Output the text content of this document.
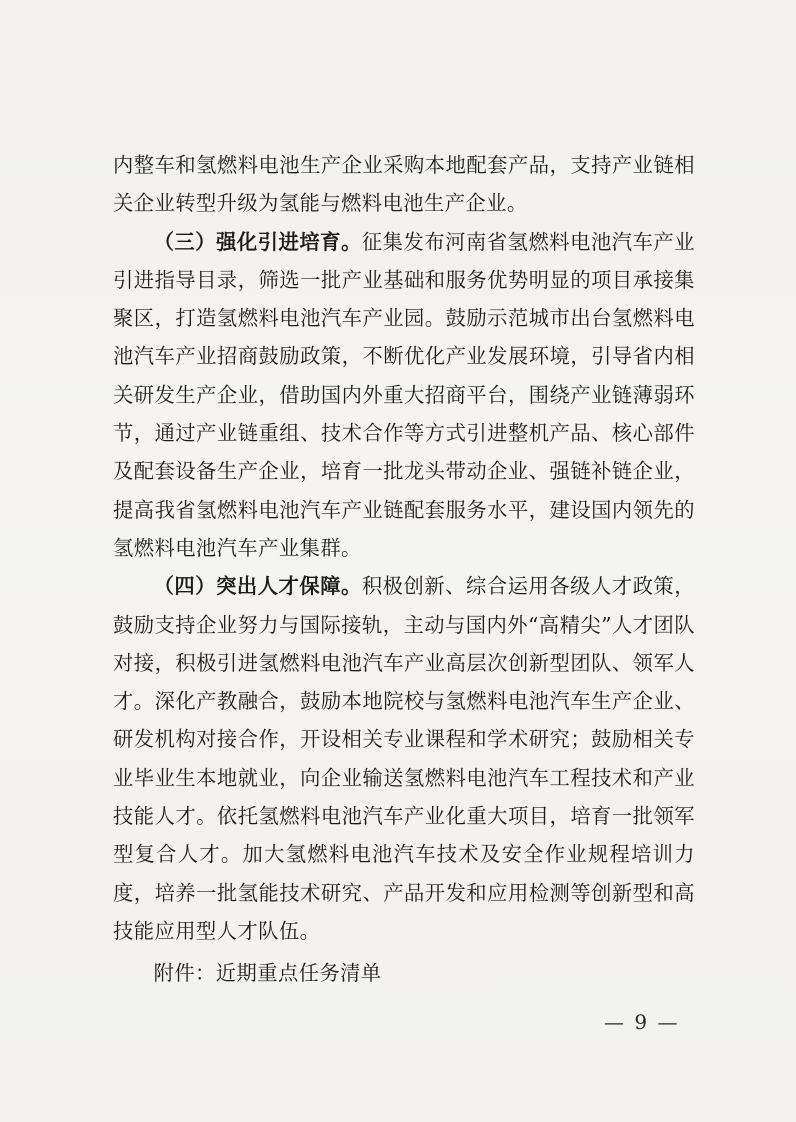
内整车和氢燃料电池生产企业采购本地配套产品，支持产业链相关企业转型升级为氢能与燃料电池生产企业。

（三）强化引进培育。征集发布河南省氢燃料电池汽车产业引进指导目录，筛选一批产业基础和服务优势明显的项目承接集聚区，打造氢燃料电池汽车产业园。鼓励示范城市出台氢燃料电池汽车产业招商鼓励政策，不断优化产业发展环境，引导省内相关研发生产企业，借助国内外重大招商平台，围绕产业链薄弱环节，通过产业链重组、技术合作等方式引进整机产品、核心部件及配套设备生产企业，培育一批龙头带动企业、强链补链企业，提高我省氢燃料电池汽车产业链配套服务水平，建设国内领先的氢燃料电池汽车产业集群。

（四）突出人才保障。积极创新、综合运用各级人才政策，鼓励支持企业努力与国际接轨，主动与国内外“高精尖”人才团队对接，积极引进氢燃料电池汽车产业高层次创新型团队、领军人才。深化产教融合，鼓励本地院校与氢燃料电池汽车生产企业、研发机构对接合作，开设相关专业课程和学术研究；鼓励相关专业毕业生本地就业，向企业输送氢燃料电池汽车工程技术和产业技能人才。依托氢燃料电池汽车产业化重大项目，培育一批领军型复合人才。加大氢燃料电池汽车技术及安全作业规程培训力度，培养一批氢能技术研究、产品开发和应用检测等创新型和高技能应用型人才队伍。

附件：近期重点任务清单

— 9 —
